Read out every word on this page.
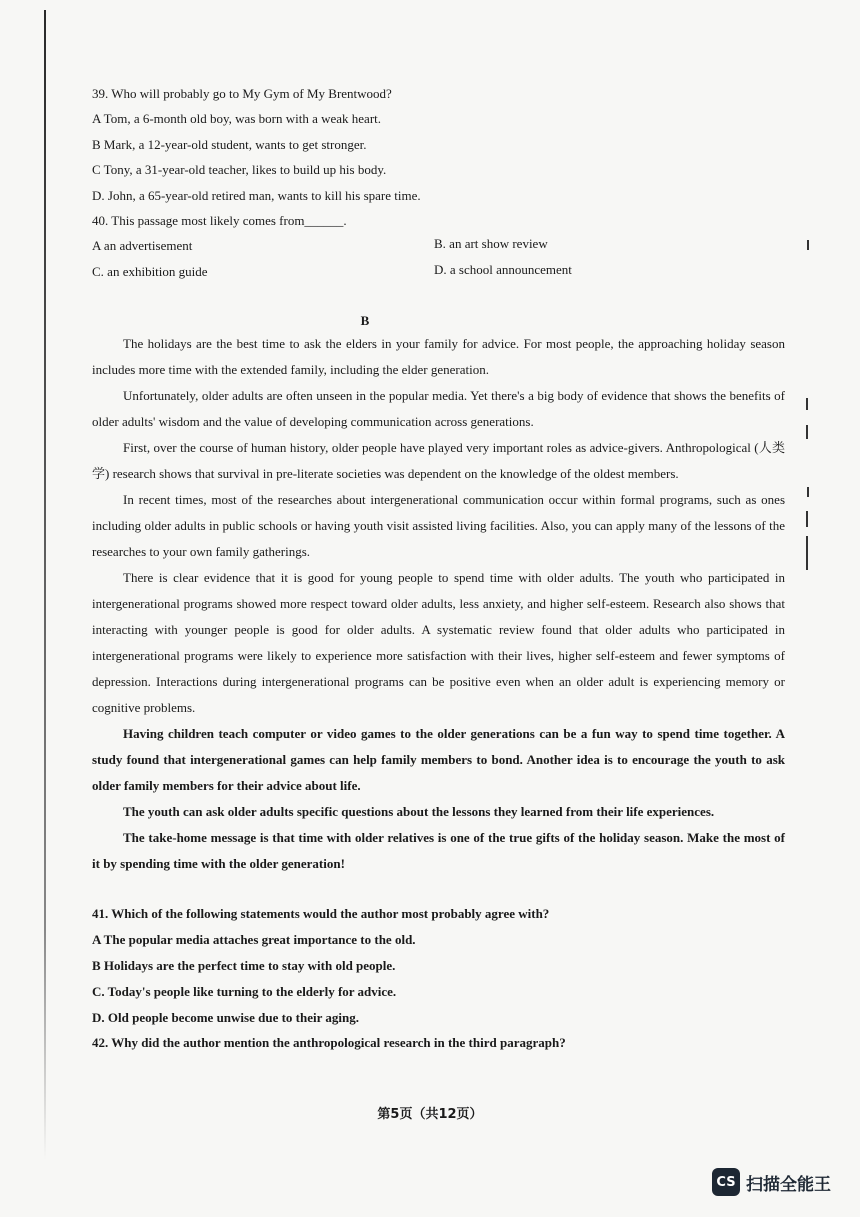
39. Who will probably go to My Gym of My Brentwood?
A Tom, a 6-month old boy, was born with a weak heart.
B Mark, a 12-year-old student, wants to get stronger.
C Tony, a 31-year-old teacher, likes to build up his body.
D. John, a 65-year-old retired man, wants to kill his spare time.
40. This passage most likely comes from______.
A an advertisement	B. an art show review
C. an exhibition guide	D. a school announcement
B

The holidays are the best time to ask the elders in your family for advice. For most people, the approaching holiday season includes more time with the extended family, including the elder generation.

Unfortunately, older adults are often unseen in the popular media. Yet there's a big body of evidence that shows the benefits of older adults' wisdom and the value of developing communication across generations.

First, over the course of human history, older people have played very important roles as advice-givers. Anthropological (人类学) research shows that survival in pre-literate societies was dependent on the knowledge of the oldest members.

In recent times, most of the researches about intergenerational communication occur within formal programs, such as ones including older adults in public schools or having youth visit assisted living facilities. Also, you can apply many of the lessons of the researches to your own family gatherings.

There is clear evidence that it is good for young people to spend time with older adults. The youth who participated in intergenerational programs showed more respect toward older adults, less anxiety, and higher self-esteem. Research also shows that interacting with younger people is good for older adults. A systematic review found that older adults who participated in intergenerational programs were likely to experience more satisfaction with their lives, higher self-esteem and fewer symptoms of depression. Interactions during intergenerational programs can be positive even when an older adult is experiencing memory or cognitive problems.

Having children teach computer or video games to the older generations can be a fun way to spend time together. A study found that intergenerational games can help family members to bond. Another idea is to encourage the youth to ask older family members for their advice about life.

The youth can ask older adults specific questions about the lessons they learned from their life experiences.

The take-home message is that time with older relatives is one of the true gifts of the holiday season. Make the most of it by spending time with the older generation!

41. Which of the following statements would the author most probably agree with?
A The popular media attaches great importance to the old.
B Holidays are the perfect time to stay with old people.
C. Today's people like turning to the elderly for advice.
D. Old people become unwise due to their aging.
42. Why did the author mention the anthropological research in the third paragraph?
第5页（共12页）
CS 扫描全能王
